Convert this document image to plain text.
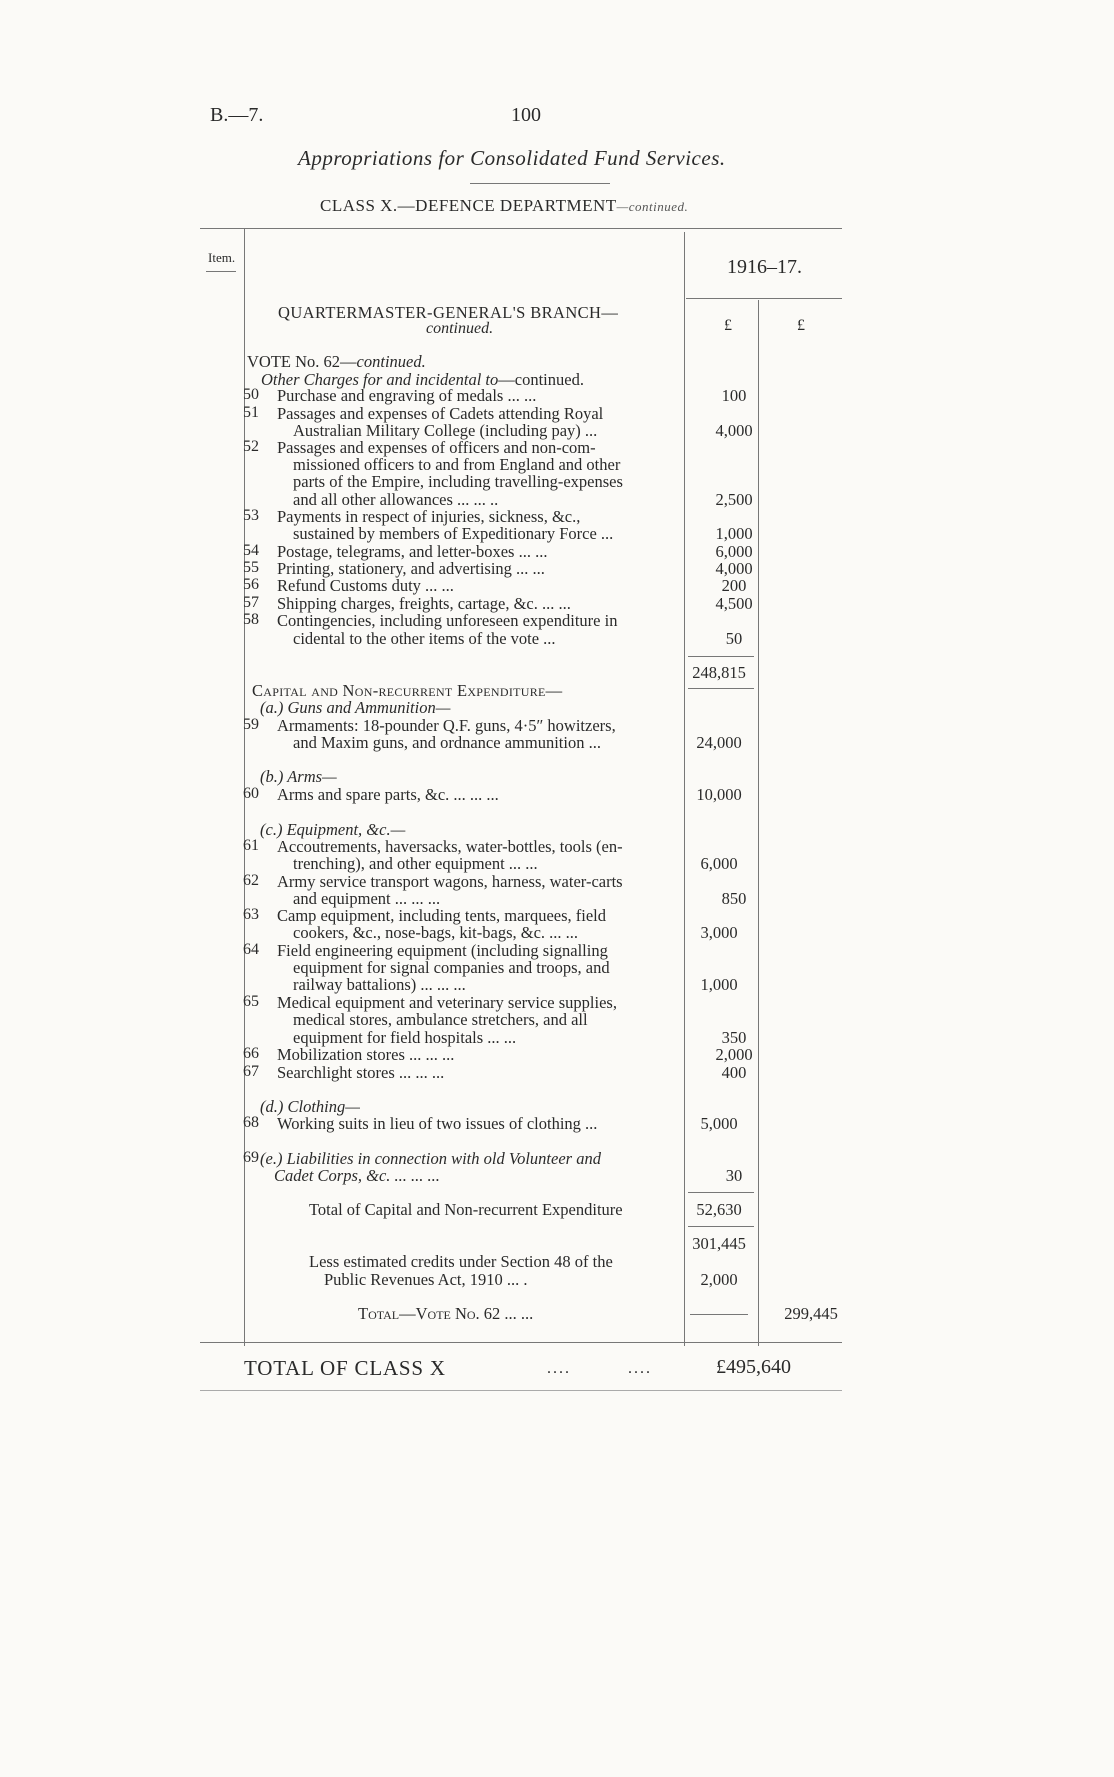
B.—7.	100
Appropriations for Consolidated Fund Services.
CLASS X.—DEFENCE DEPARTMENT—continued.
Item.	1916–17.
£	£
QUARTERMASTER-GENERAL'S BRANCH—
continued.
VOTE No. 62—continued.
Other Charges for and incidental to—continued.
50	Purchase and engraving of medals ... ...	100
51	Passages and expenses of Cadets attending Royal
Australian Military College (including pay) ...	4,000
52	Passages and expenses of officers and non-com-
missioned officers to and from England and other
parts of the Empire, including travelling-expenses
and all other allowances ... ... ..	2,500
53	Payments in respect of injuries, sickness, &c.,
sustained by members of Expeditionary Force ...	1,000
54	Postage, telegrams, and letter-boxes ... ...	6,000
55	Printing, stationery, and advertising ... ...	4,000
56	Refund Customs duty ... ...	200
57	Shipping charges, freights, cartage, &c. ... ...	4,500
58	Contingencies, including unforeseen expenditure in
cidental to the other items of the vote ...	50
248,815
Capital and Non-recurrent Expenditure—
(a.) Guns and Ammunition—
59	Armaments: 18-pounder Q.F. guns, 4·5″ howitzers,
and Maxim guns, and ordnance ammunition ...	24,000
(b.) Arms—
60	Arms and spare parts, &c. ... ... ...	10,000
(c.) Equipment, &c.—
61	Accoutrements, haversacks, water-bottles, tools (en-
trenching), and other equipment ... ...	6,000
62	Army service transport wagons, harness, water-carts
and equipment ... ... ...	850
63	Camp equipment, including tents, marquees, field
cookers, &c., nose-bags, kit-bags, &c. ... ...	3,000
64	Field engineering equipment (including signalling
equipment for signal companies and troops, and
railway battalions) ... ... ...	1,000
65	Medical equipment and veterinary service supplies,
medical stores, ambulance stretchers, and all
equipment for field hospitals ... ...	350
66	Mobilization stores ... ... ...	2,000
67	Searchlight stores ... ... ...	400
(d.) Clothing—
68	Working suits in lieu of two issues of clothing ...	5,000
69 (e.) Liabilities in connection with old Volunteer and
Cadet Corps, &c. ... ... ...	30
Total of Capital and Non-recurrent Expenditure	52,630
301,445
Less estimated credits under Section 48 of the
Public Revenues Act, 1910 ... .	2,000
Total—Vote No. 62 ... ...	299,445
TOTAL OF CLASS X	....	....	£495,640
